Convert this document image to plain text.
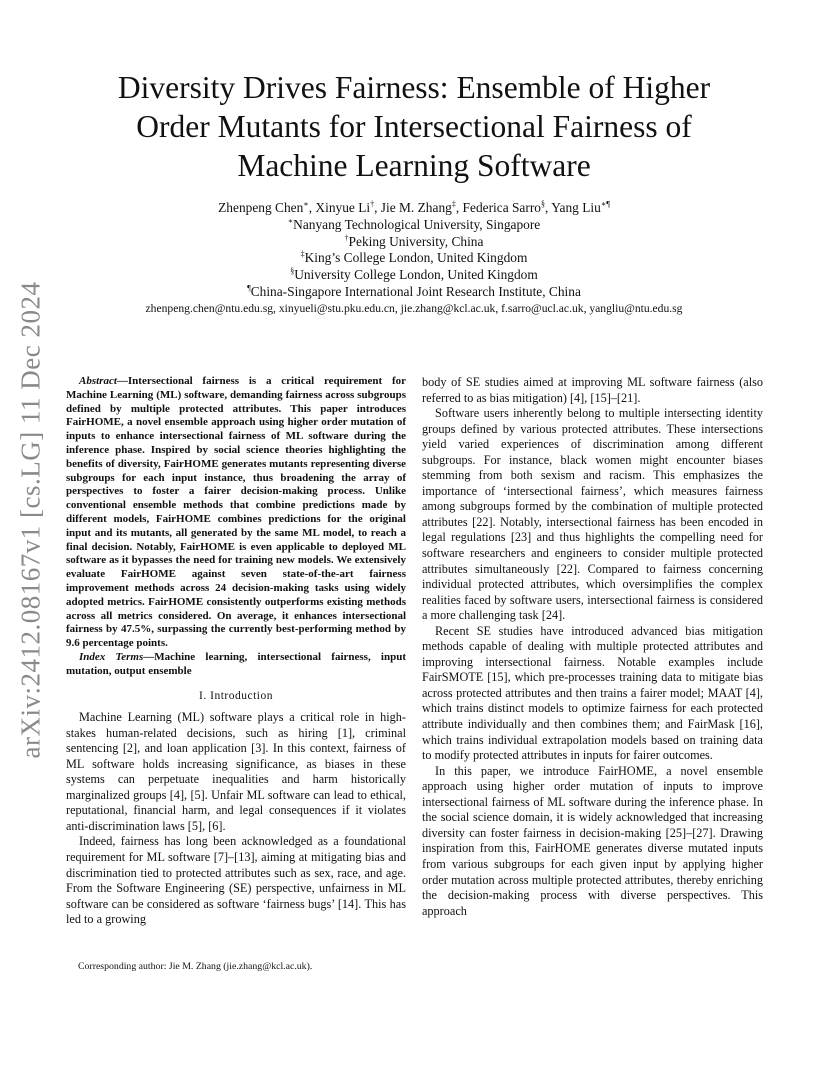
arXiv:2412.08167v1 [cs.LG] 11 Dec 2024
Diversity Drives Fairness: Ensemble of Higher
Order Mutants for Intersectional Fairness of
Machine Learning Software
Zhenpeng Chen∗, Xinyue Li†, Jie M. Zhang‡, Federica Sarro§, Yang Liu∗¶
∗Nanyang Technological University, Singapore
†Peking University, China
‡King’s College London, United Kingdom
§University College London, United Kingdom
¶China-Singapore International Joint Research Institute, China
zhenpeng.chen@ntu.edu.sg, xinyueli@stu.pku.edu.cn, jie.zhang@kcl.ac.uk, f.sarro@ucl.ac.uk, yangliu@ntu.edu.sg

Abstract—Intersectional fairness is a critical requirement for Machine Learning (ML) software, demanding fairness across subgroups defined by multiple protected attributes. This paper introduces FairHOME, a novel ensemble approach using higher order mutation of inputs to enhance intersectional fairness of ML software during the inference phase. Inspired by social science theories highlighting the benefits of diversity, FairHOME generates mutants representing diverse subgroups for each input instance, thus broadening the array of perspectives to foster a fairer decision-making process. Unlike conventional ensemble methods that combine predictions made by different models, FairHOME combines predictions for the original input and its mutants, all generated by the same ML model, to reach a final decision. Notably, FairHOME is even applicable to deployed ML software as it bypasses the need for training new models. We extensively evaluate FairHOME against seven state-of-the-art fairness improvement methods across 24 decision-making tasks using widely adopted metrics. FairHOME consistently outperforms existing methods across all metrics considered. On average, it enhances intersectional fairness by 47.5%, surpassing the currently best-performing method by 9.6 percentage points.

Index Terms—Machine learning, intersectional fairness, input mutation, output ensemble

I. Introduction

Machine Learning (ML) software plays a critical role in high-stakes human-related decisions, such as hiring [1], criminal sentencing [2], and loan application [3]. In this context, fairness of ML software holds increasing significance, as biases in these systems can perpetuate inequalities and harm historically marginalized groups [4], [5]. Unfair ML software can lead to ethical, reputational, financial harm, and legal consequences if it violates anti-discrimination laws [5], [6].

Indeed, fairness has long been acknowledged as a foundational requirement for ML software [7]–[13], aiming at mitigating bias and discrimination tied to protected attributes such as sex, race, and age. From the Software Engineering (SE) perspective, unfairness in ML software can be considered as software ‘fairness bugs’ [14]. This has led to a growing

body of SE studies aimed at improving ML software fairness (also referred to as bias mitigation) [4], [15]–[21].

Software users inherently belong to multiple intersecting identity groups defined by various protected attributes. These intersections yield varied experiences of discrimination among different subgroups. For instance, black women might encounter biases stemming from both sexism and racism. This emphasizes the importance of ‘intersectional fairness’, which measures fairness among subgroups formed by the combination of multiple protected attributes [22]. Notably, intersectional fairness has been encoded in legal regulations [23] and thus highlights the compelling need for software researchers and engineers to consider multiple protected attributes simultaneously [22]. Compared to fairness concerning individual protected attributes, which oversimplifies the complex realities faced by software users, intersectional fairness is considered a more challenging task [24].

Recent SE studies have introduced advanced bias mitigation methods capable of dealing with multiple protected attributes and improving intersectional fairness. Notable examples include FairSMOTE [15], which pre-processes training data to mitigate bias across protected attributes and then trains a fairer model; MAAT [4], which trains distinct models to optimize fairness for each protected attribute individually and then combines them; and FairMask [16], which trains individual extrapolation models based on training data to modify protected attributes in inputs for fairer outcomes.

In this paper, we introduce FairHOME, a novel ensemble approach using higher order mutation of inputs to improve intersectional fairness of ML software during the inference phase. In the social science domain, it is widely acknowledged that increasing diversity can foster fairness in decision-making [25]–[27]. Drawing inspiration from this, FairHOME generates diverse mutated inputs from various subgroups for each given input by applying higher order mutation across multiple protected attributes, thereby enriching the decision-making process with diverse perspectives. This approach

Corresponding author: Jie M. Zhang (jie.zhang@kcl.ac.uk).
